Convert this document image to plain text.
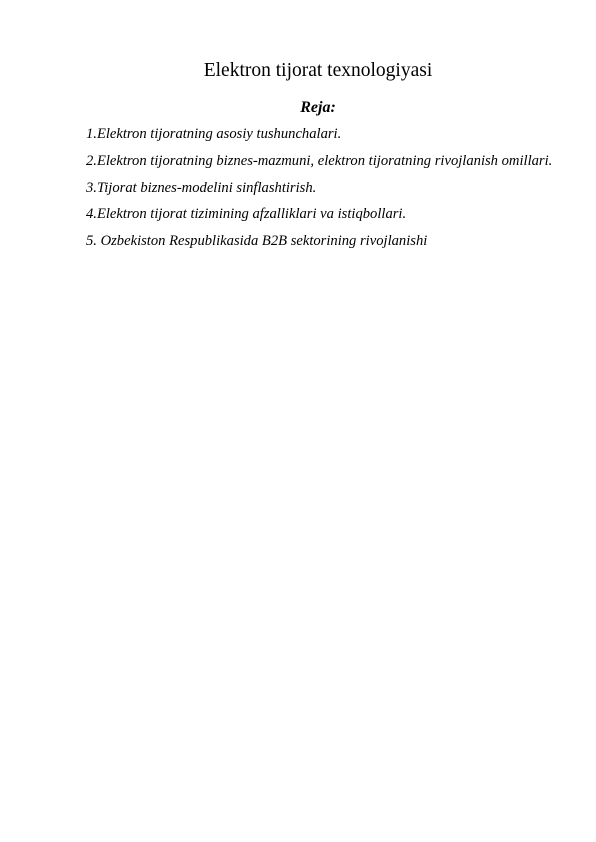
Elektron tijorat texnologiyasi
Reja:
1.Elektron tijoratning asosiy tushunchalari.
2.Elektron tijoratning biznes-mazmuni, elektron tijoratning rivojlanish omillari.
3.Tijorat biznes-modelini sinflashtirish.
4.Elektron tijorat tizimining afzalliklari va istiqbollari.
5. Ozbekiston Respublikasida B2B sektorining rivojlanishi
